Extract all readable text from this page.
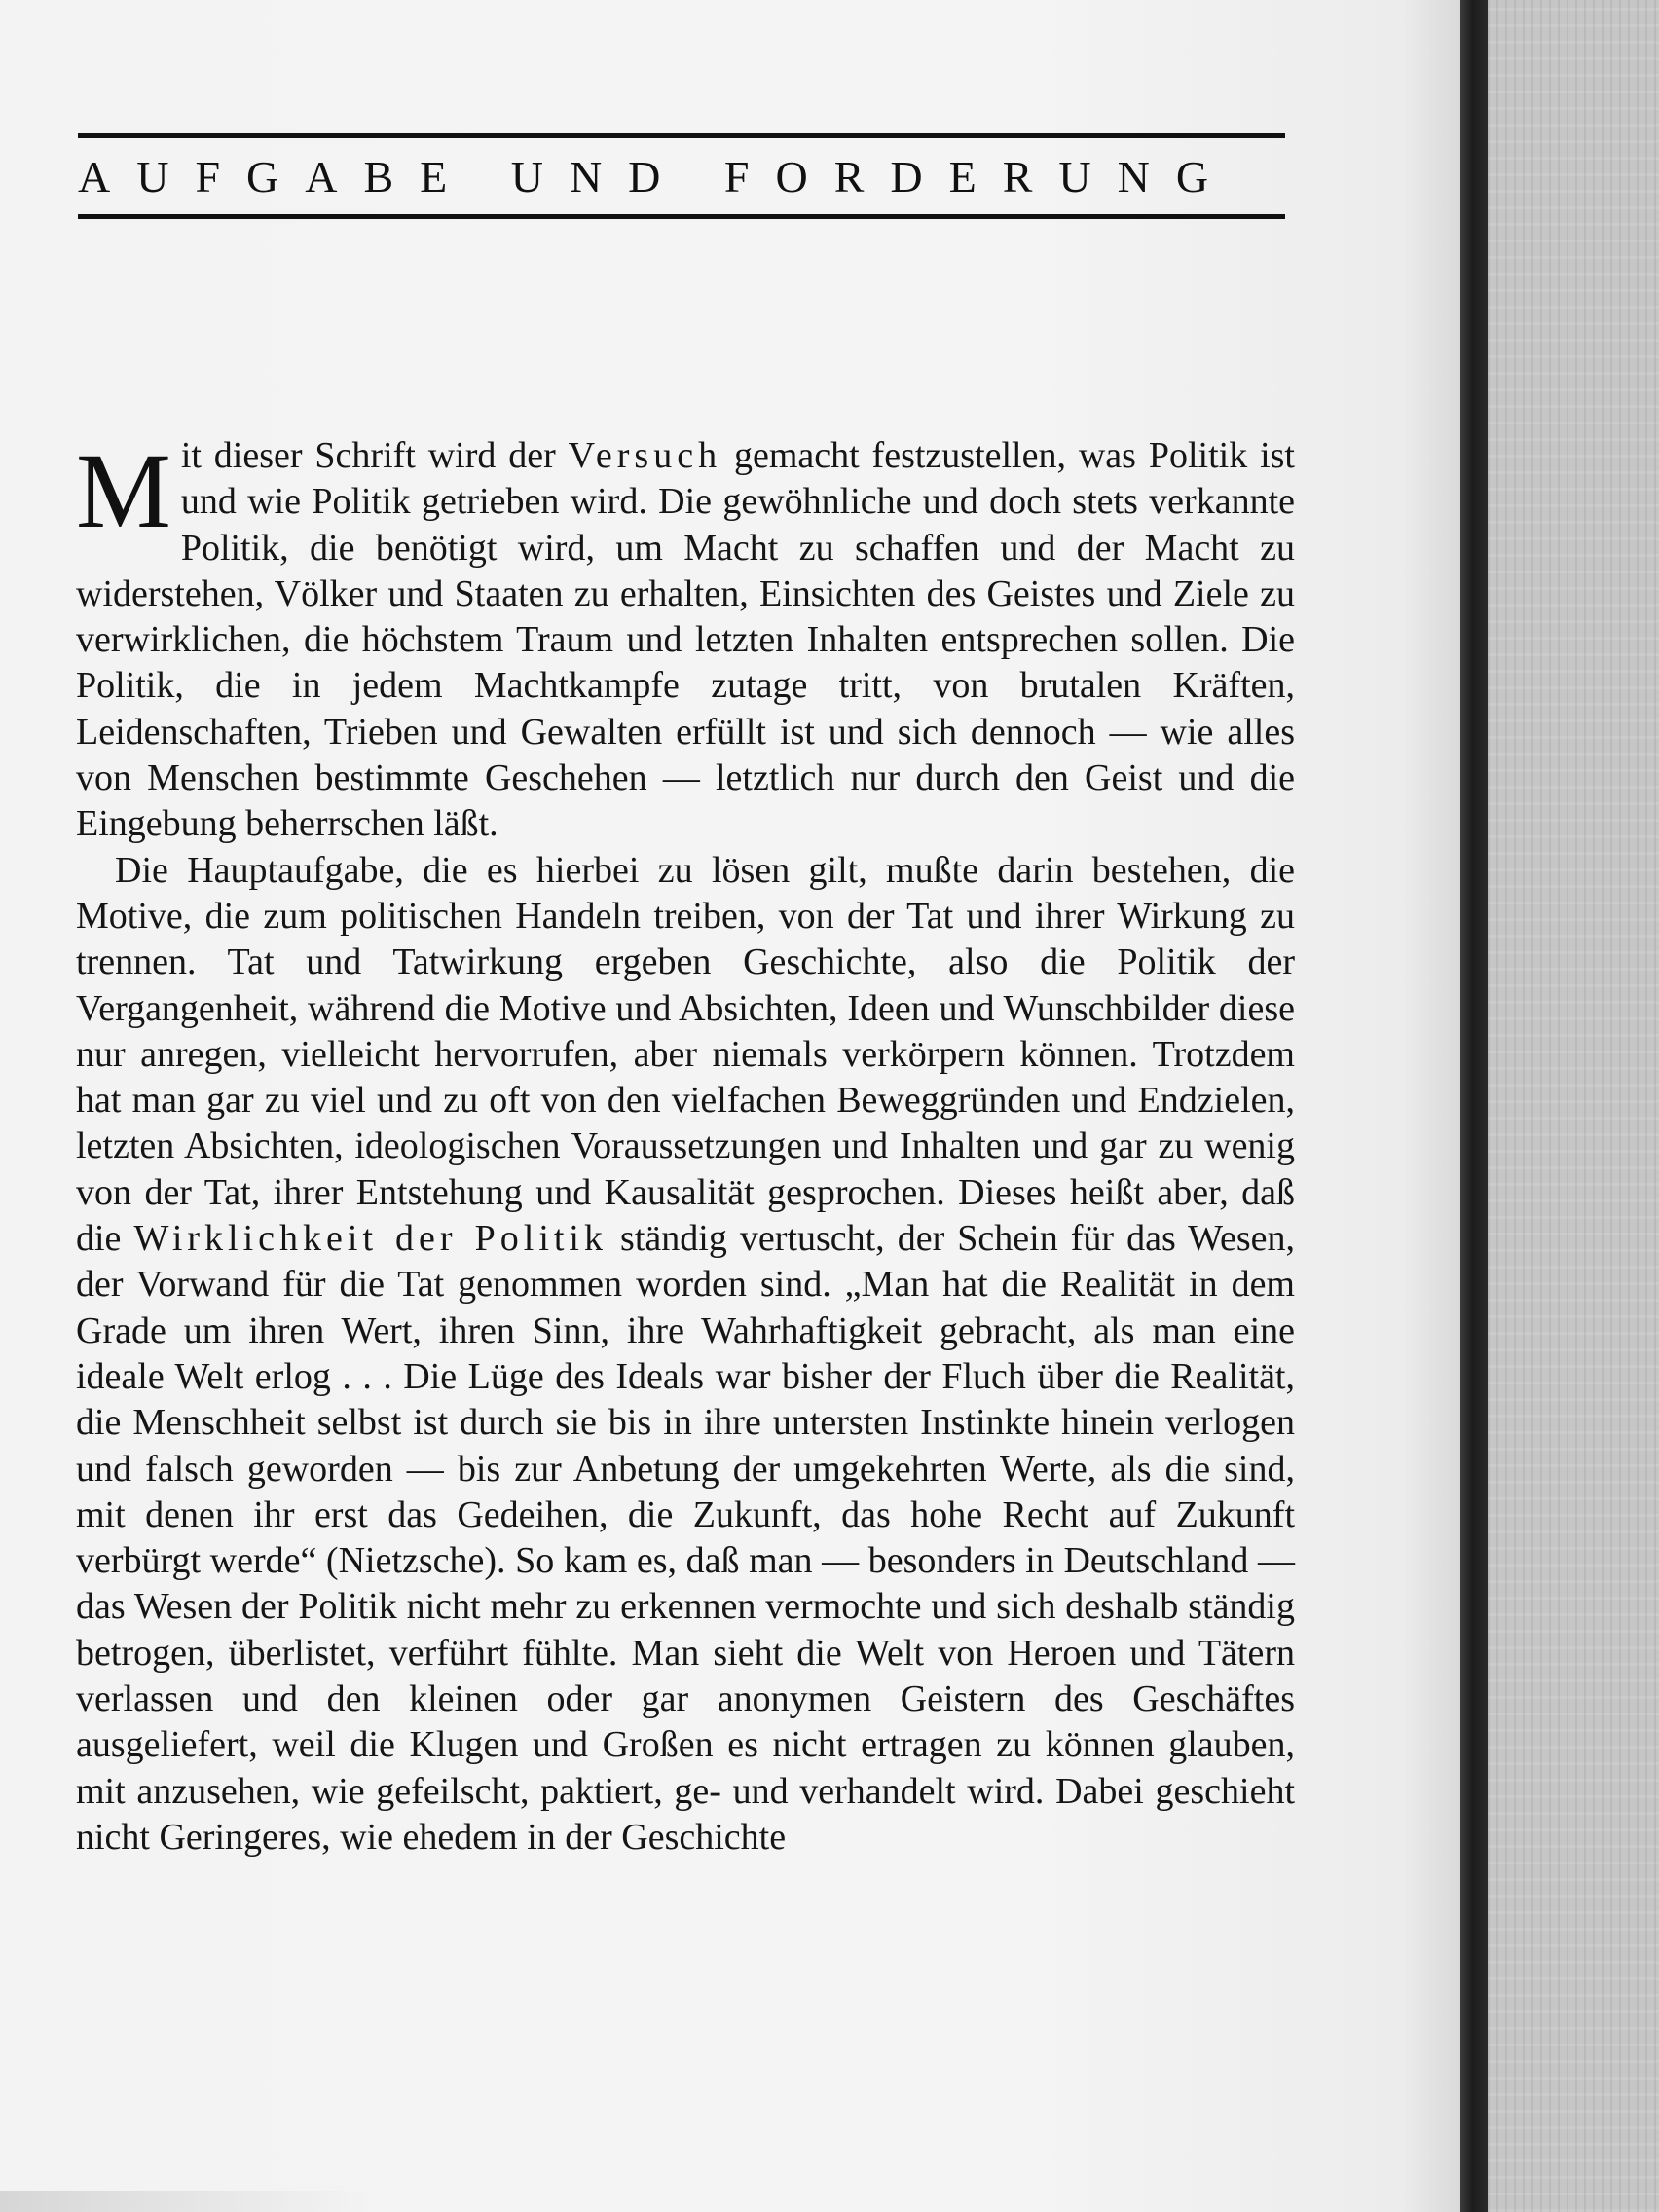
AUFGABE UND FORDERUNG

Mit dieser Schrift wird der Versuch gemacht festzustellen, was Politik ist und wie Politik getrieben wird. Die gewöhnliche und doch stets verkannte Politik, die benötigt wird, um Macht zu schaffen und der Macht zu widerstehen, Völker und Staaten zu erhalten, Einsichten des Geistes und Ziele zu verwirklichen, die höchstem Traum und letzten Inhalten entsprechen sollen. Die Politik, die in jedem Machtkampfe zutage tritt, von brutalen Kräften, Leidenschaften, Trieben und Gewalten erfüllt ist und sich dennoch — wie alles von Menschen bestimmte Geschehen — letztlich nur durch den Geist und die Eingebung beherrschen läßt.

Die Hauptaufgabe, die es hierbei zu lösen gilt, mußte darin bestehen, die Motive, die zum politischen Handeln treiben, von der Tat und ihrer Wirkung zu trennen. Tat und Tatwirkung ergeben Geschichte, also die Politik der Vergangenheit, während die Motive und Absichten, Ideen und Wunschbilder diese nur anregen, vielleicht hervorrufen, aber niemals verkörpern können. Trotzdem hat man gar zu viel und zu oft von den vielfachen Beweggründen und Endzielen, letzten Absichten, ideologischen Voraussetzungen und Inhalten und gar zu wenig von der Tat, ihrer Entstehung und Kausalität gesprochen. Dieses heißt aber, daß die Wirklichkeit der Politik ständig vertuscht, der Schein für das Wesen, der Vorwand für die Tat genommen worden sind. „Man hat die Realität in dem Grade um ihren Wert, ihren Sinn, ihre Wahrhaftigkeit gebracht, als man eine ideale Welt erlog . . . Die Lüge des Ideals war bisher der Fluch über die Realität, die Menschheit selbst ist durch sie bis in ihre untersten Instinkte hinein verlogen und falsch geworden — bis zur Anbetung der umgekehrten Werte, als die sind, mit denen ihr erst das Gedeihen, die Zukunft, das hohe Recht auf Zukunft verbürgt werde“ (Nietzsche). So kam es, daß man — besonders in Deutschland — das Wesen der Politik nicht mehr zu erkennen vermochte und sich deshalb ständig betrogen, überlistet, verführt fühlte. Man sieht die Welt von Heroen und Tätern verlassen und den kleinen oder gar anonymen Geistern des Geschäftes ausgeliefert, weil die Klugen und Großen es nicht ertragen zu können glauben, mit anzusehen, wie gefeilscht, paktiert, ge- und verhandelt wird. Dabei geschieht nicht Geringeres, wie ehedem in der Geschichte
